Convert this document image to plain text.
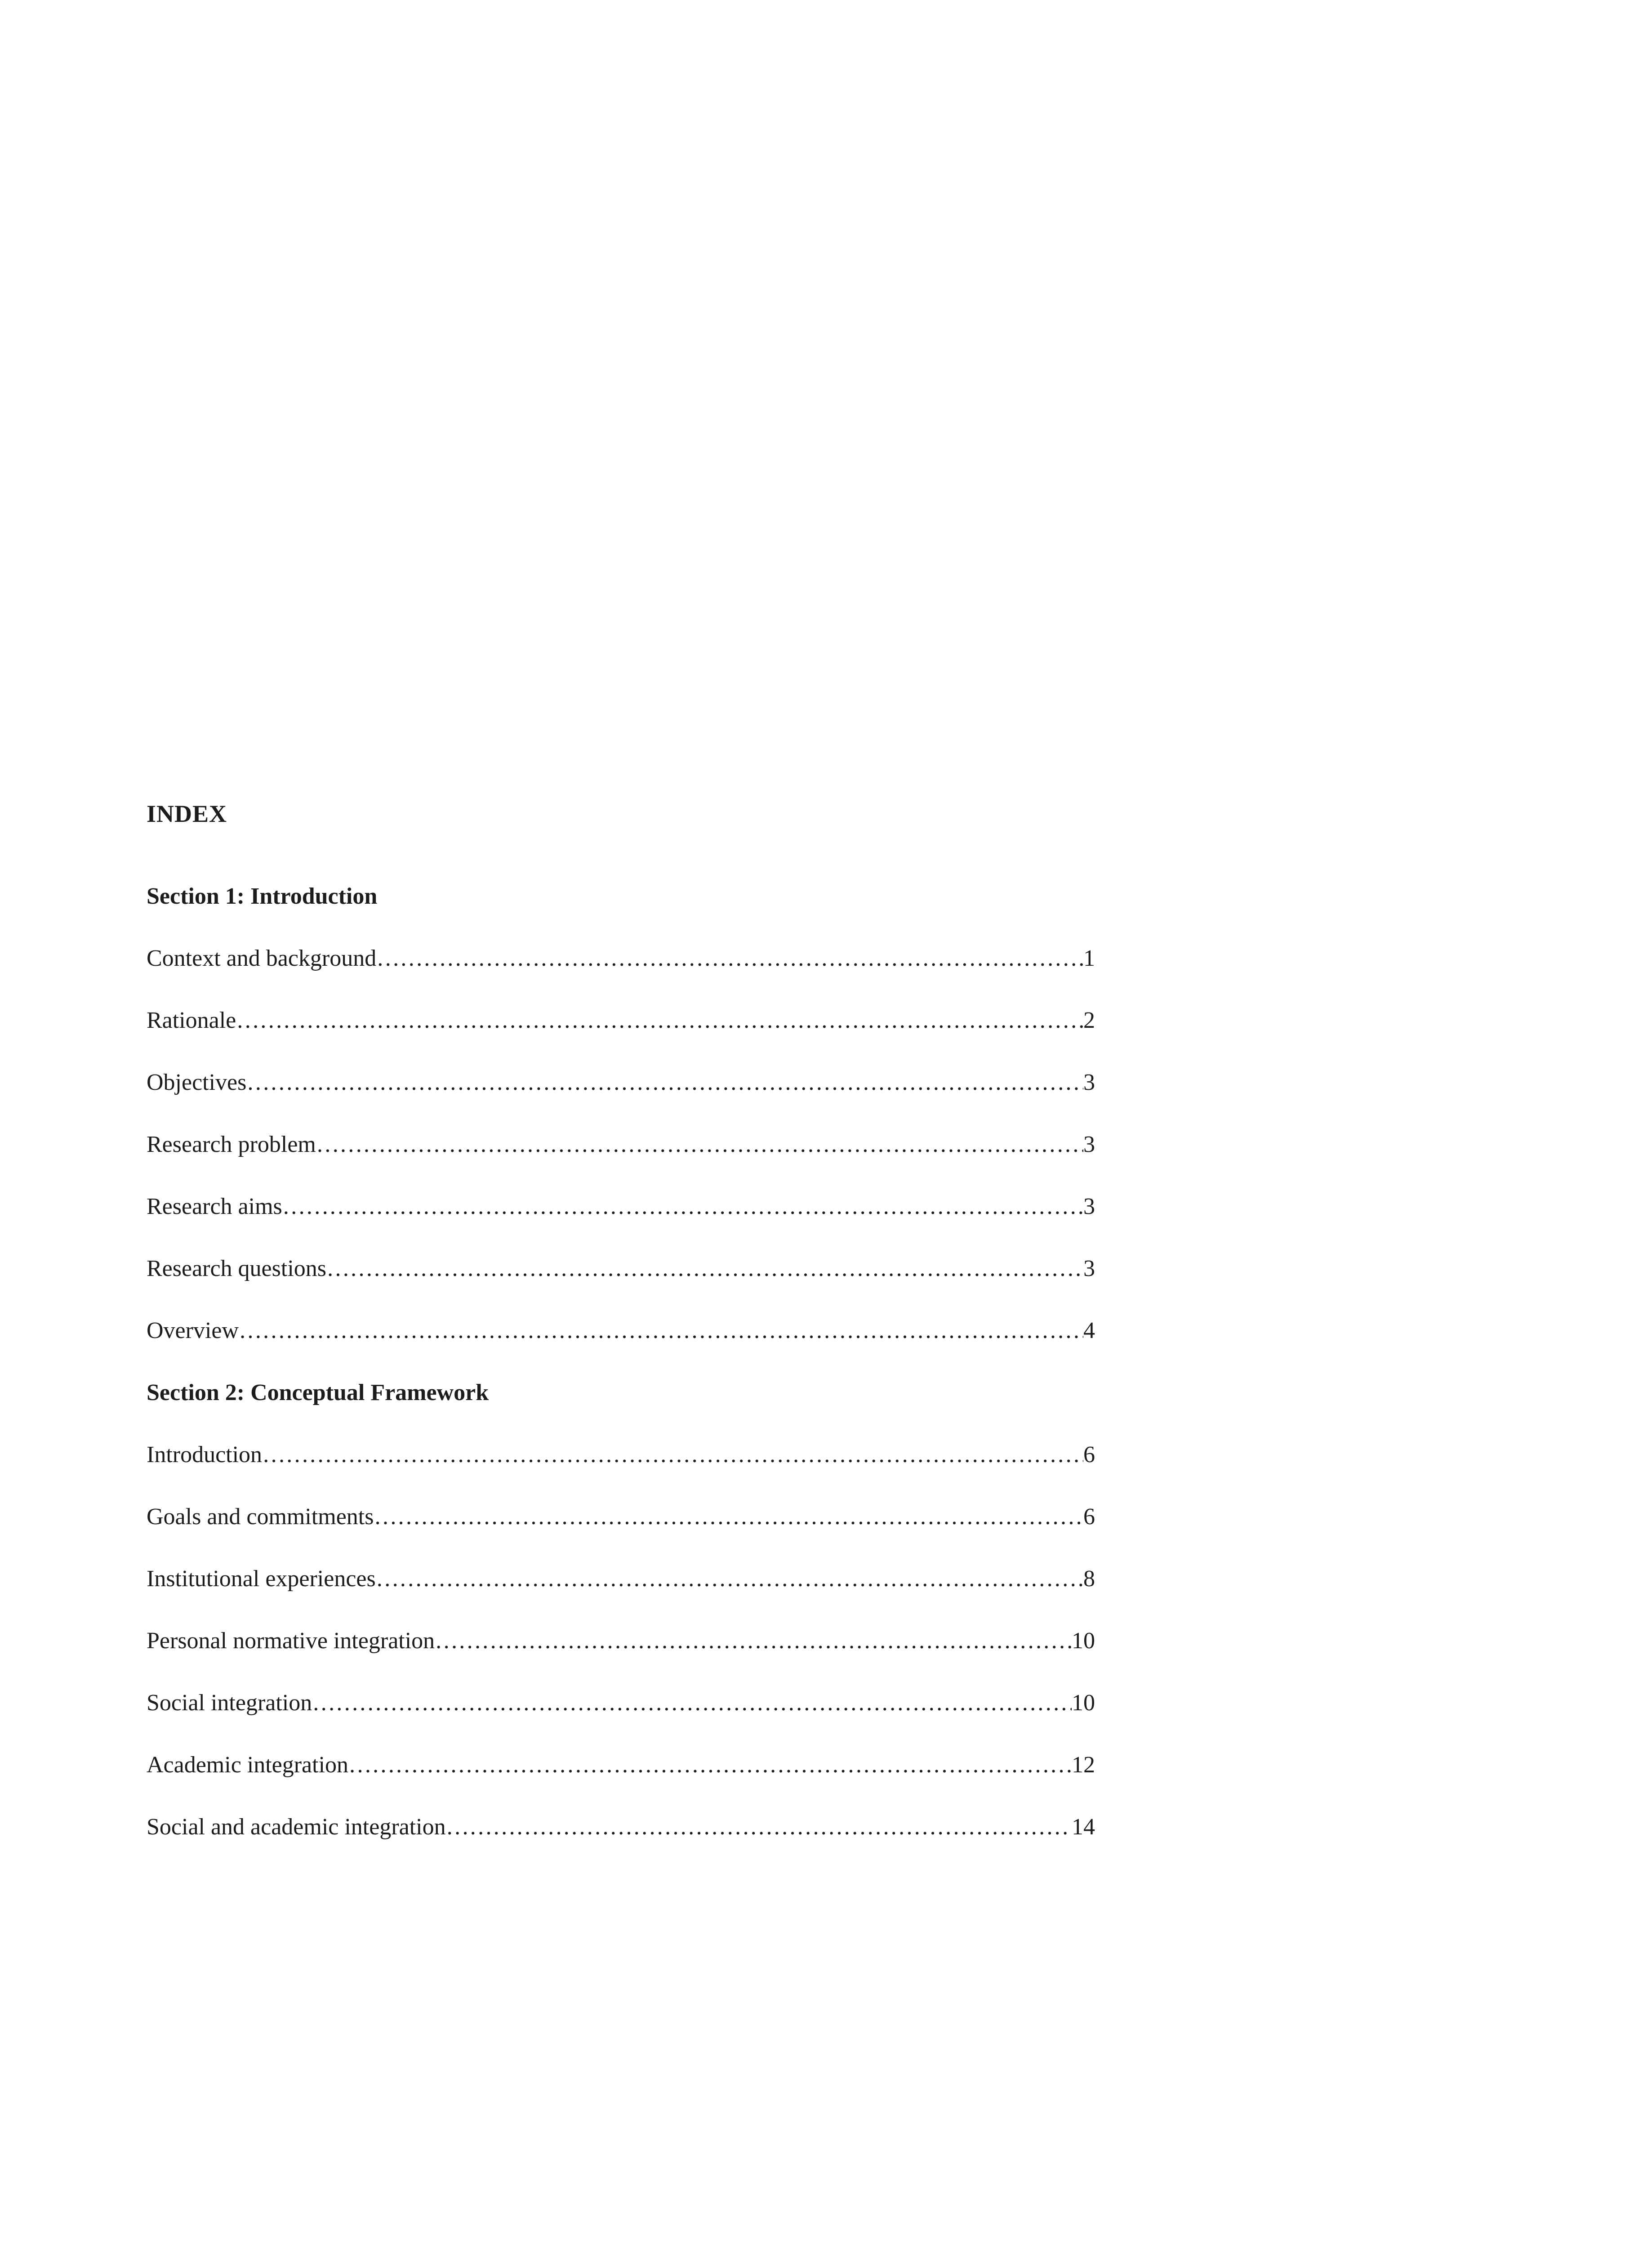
INDEX
Section 1: Introduction
Context and background ……………………………………………………………………………………………………………………………………………………………………………………………………………………	1
Rationale ……………………………………………………………………………………………………………………………………………………………………………………………………………………	2
Objectives ……………………………………………………………………………………………………………………………………………………………………………………………………………………	3
Research problem ……………………………………………………………………………………………………………………………………………………………………………………………………………………	3
Research aims ……………………………………………………………………………………………………………………………………………………………………………………………………………………	3
Research questions ……………………………………………………………………………………………………………………………………………………………………………………………………………………	3
Overview ……………………………………………………………………………………………………………………………………………………………………………………………………………………	4
Section 2: Conceptual Framework
Introduction ……………………………………………………………………………………………………………………………………………………………………………………………………………………	6
Goals and commitments ……………………………………………………………………………………………………………………………………………………………………………………………………………………	6
Institutional experiences ……………………………………………………………………………………………………………………………………………………………………………………………………………………	8
Personal normative integration ……………………………………………………………………………………………………………………………………………………………………………………………………………………	10
Social integration ……………………………………………………………………………………………………………………………………………………………………………………………………………………	10
Academic integration ……………………………………………………………………………………………………………………………………………………………………………………………………………………	12
Social and academic integration ……………………………………………………………………………………………………………………………………………………………………………………………………………………	14
